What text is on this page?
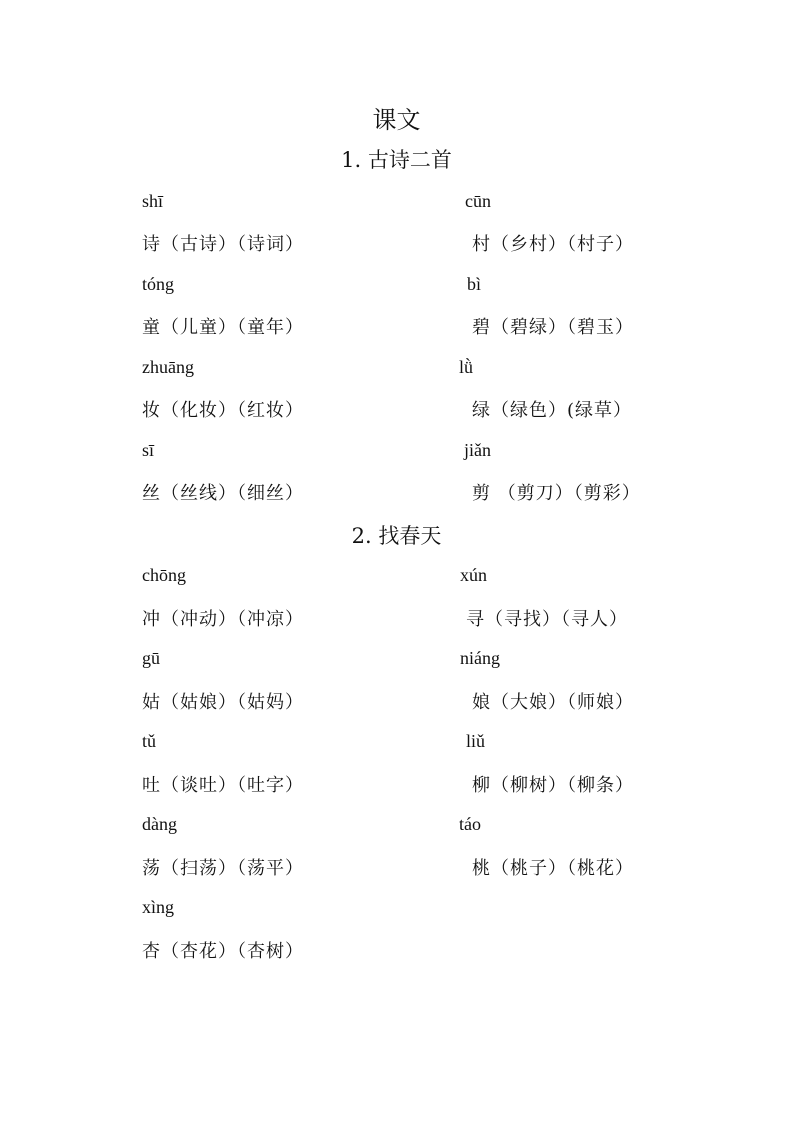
课文
1. 古诗二首
shī	cūn
诗（古诗）（诗词）	村（乡村）（村子）
tóng	bì
童（儿童）（童年）	碧（碧绿）（碧玉）
zhuāng	lǜ
妆（化妆）（红妆）	绿（绿色）(绿草）
sī	jiǎn
丝（丝线）（细丝）	剪 （剪刀）（剪彩）
2. 找春天
chōng	xún
冲（冲动）（冲凉）	寻（寻找）（寻人）
gū	niáng
姑（姑娘）（姑妈）	娘（大娘）（师娘）
tǔ	liǔ
吐（谈吐）（吐字）	柳（柳树）（柳条）
dàng	táo
荡（扫荡）（荡平）	桃（桃子）（桃花）
xìng
杏（杏花）（杏树）
